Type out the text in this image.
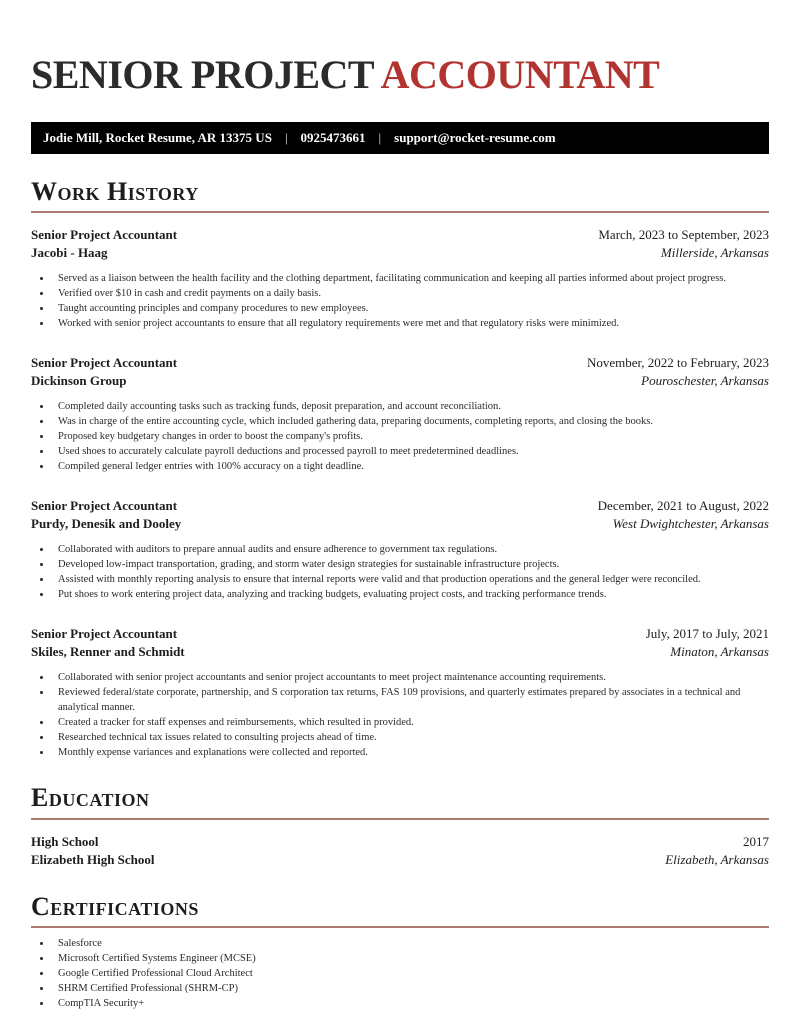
SENIOR PROJECT ACCOUNTANT
Jodie Mill, Rocket Resume, AR 13375 US | 0925473661 | support@rocket-resume.com
Work History
Senior Project Accountant	March, 2023 to September, 2023
Jacobi - Haag	Millerside, Arkansas
• Served as a liaison between the health facility and the clothing department, facilitating communication and keeping all parties informed about project progress.
• Verified over $10 in cash and credit payments on a daily basis.
• Taught accounting principles and company procedures to new employees.
• Worked with senior project accountants to ensure that all regulatory requirements were met and that regulatory risks were minimized.
Senior Project Accountant	November, 2022 to February, 2023
Dickinson Group	Pouroschester, Arkansas
• Completed daily accounting tasks such as tracking funds, deposit preparation, and account reconciliation.
• Was in charge of the entire accounting cycle, which included gathering data, preparing documents, completing reports, and closing the books.
• Proposed key budgetary changes in order to boost the company's profits.
• Used shoes to accurately calculate payroll deductions and processed payroll to meet predetermined deadlines.
• Compiled general ledger entries with 100% accuracy on a tight deadline.
Senior Project Accountant	December, 2021 to August, 2022
Purdy, Denesik and Dooley	West Dwightchester, Arkansas
• Collaborated with auditors to prepare annual audits and ensure adherence to government tax regulations.
• Developed low-impact transportation, grading, and storm water design strategies for sustainable infrastructure projects.
• Assisted with monthly reporting analysis to ensure that internal reports were valid and that production operations and the general ledger were reconciled.
• Put shoes to work entering project data, analyzing and tracking budgets, evaluating project costs, and tracking performance trends.
Senior Project Accountant	July, 2017 to July, 2021
Skiles, Renner and Schmidt	Minaton, Arkansas
• Collaborated with senior project accountants and senior project accountants to meet project maintenance accounting requirements.
• Reviewed federal/state corporate, partnership, and S corporation tax returns, FAS 109 provisions, and quarterly estimates prepared by associates in a technical and analytical manner.
• Created a tracker for staff expenses and reimbursements, which resulted in provided.
• Researched technical tax issues related to consulting projects ahead of time.
• Monthly expense variances and explanations were collected and reported.
Education
High School	2017
Elizabeth High School	Elizabeth, Arkansas
Certifications
• Salesforce
• Microsoft Certified Systems Engineer (MCSE)
• Google Certified Professional Cloud Architect
• SHRM Certified Professional (SHRM-CP)
• CompTIA Security+
